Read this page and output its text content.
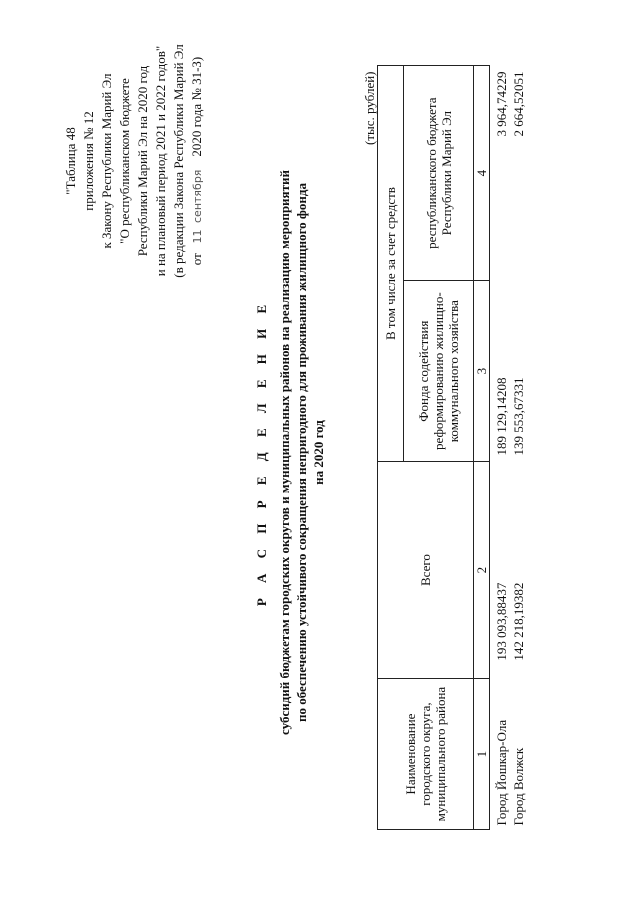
"Таблица 48 приложения № 12 к Закону Республики Марий Эл "О республиканском бюджете Республики Марий Эл на 2020 год и на плановый период 2021 и 2022 годов" (в редакции Закона Республики Марий Эл от   11  сентября    2020 года № 31-З)
Р А С П Р Е Д Е Л Е Н И Е субсидий бюджетам городских округов и муниципальных районов на реализацию мероприятий по обеспечению устойчивого сокращения непригодного для проживания жилищного фонда на 2020 год
(тыс. рублей)
Наименование городского округа, муниципального района	Всего	В том числе за счет средств	
		Фонда содействия реформированию жилищно-коммунального хозяйства	республиканского бюджета Республики Марий Эл
1	2	3	4
Город Йошкар-Ола	193 093,88437	189 129,14208	3 964,74229
Город Волжск	142 218,19382	139 553,67331	2 664,52051
